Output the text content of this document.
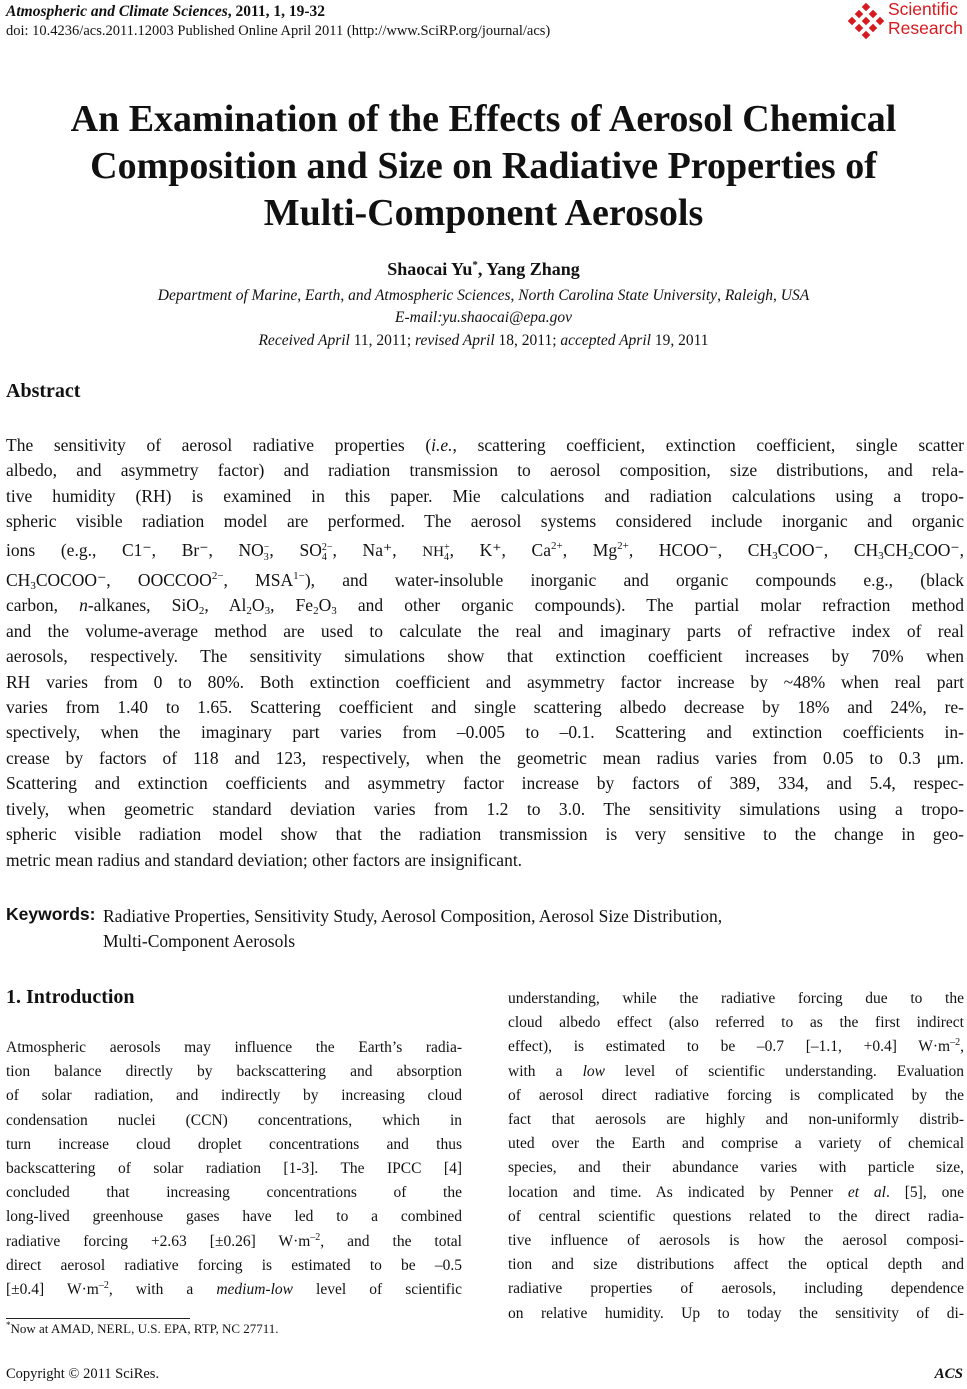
Atmospheric and Climate Sciences, 2011, 1, 19-32
doi: 10.4236/acs.2011.12003 Published Online April 2011 (http://www.SciRP.org/journal/acs)
Scientific
Research
An Examination of the Effects of Aerosol Chemical
Composition and Size on Radiative Properties of
Multi-Component Aerosols
Shaocai Yu*, Yang Zhang
Department of Marine, Earth, and Atmospheric Sciences, North Carolina State University, Raleigh, USA
E-mail:yu.shaocai@epa.gov
Received April 11, 2011; revised April 18, 2011; accepted April 19, 2011
Abstract
The sensitivity of aerosol radiative properties (i.e., scattering coefficient, extinction coefficient, single scatter
albedo, and asymmetry factor) and radiation transmission to aerosol composition, size distributions, and rela-
tive humidity (RH) is examined in this paper. Mie calculations and radiation calculations using a tropo-
spheric visible radiation model are performed. The aerosol systems considered include inorganic and organic
ions (e.g., C1⁻, Br⁻, NO −
3 , SO 2−
4 , Na⁺, NH +
4 , K⁺, $Ca^{2+}$, $Mg^{2+}$, HCOO⁻, $CH_3COO^-$, $CH_3CH_2COO^-$,
$CH_3COCOO^-$, $OOCCOO^{2-}$, $MSA^{1-}$), and water-insoluble inorganic and organic compounds e.g., (black
carbon, n-alkanes, SiO$_2$, $Al_2O_3$, $Fe_2O_3$ and other organic compounds). The partial molar refraction method
and the volume-average method are used to calculate the real and imaginary parts of refractive index of real
aerosols, respectively. The sensitivity simulations show that extinction coefficient increases by 70% when
RH varies from 0 to 80%. Both extinction coefficient and asymmetry factor increase by ~48% when real part
varies from 1.40 to 1.65. Scattering coefficient and single scattering albedo decrease by 18% and 24%, re-
spectively, when the imaginary part varies from –0.005 to –0.1. Scattering and extinction coefficients in-
crease by factors of 118 and 123, respectively, when the geometric mean radius varies from 0.05 to 0.3 μm.
Scattering and extinction coefficients and asymmetry factor increase by factors of 389, 334, and 5.4, respec-
tively, when geometric standard deviation varies from 1.2 to 3.0. The sensitivity simulations using a tropo-
spheric visible radiation model show that the radiation transmission is very sensitive to the change in geo-
metric mean radius and standard deviation; other factors are insignificant.
Keywords: Radiative Properties, Sensitivity Study, Aerosol Composition, Aerosol Size Distribution,
Multi-Component Aerosols
1. Introduction
Atmospheric aerosols may influence the Earth’s radia-
tion balance directly by backscattering and absorption
of solar radiation, and indirectly by increasing cloud
condensation nuclei (CCN) concentrations, which in
turn increase cloud droplet concentrations and thus
backscattering of solar radiation [1-3]. The IPCC [4]
concluded that increasing concentrations of the
long-lived greenhouse gases have led to a combined
radiative forcing +2.63 [±0.26] $W\cdot m^{-2}$, and the total
direct aerosol radiative forcing is estimated to be –0.5
[±0.4] $W\cdot m^{-2}$, with a medium-low level of scientific
understanding, while the radiative forcing due to the
cloud albedo effect (also referred to as the first indirect
effect), is estimated to be –0.7 [–1.1, +0.4] $W\cdot m^{-2}$,
with a low level of scientific understanding. Evaluation
of aerosol direct radiative forcing is complicated by the
fact that aerosols are highly and non-uniformly distrib-
uted over the Earth and comprise a variety of chemical
species, and their abundance varies with particle size,
location and time. As indicated by Penner et al. [5], one
of central scientific questions related to the direct radia-
tive influence of aerosols is how the aerosol composi-
tion and size distributions affect the optical depth and
radiative properties of aerosols, including dependence
on relative humidity. Up to today the sensitivity of di-
*Now at AMAD, NERL, U.S. EPA, RTP, NC 27711.
Copyright © 2011 SciRes.	ACS
